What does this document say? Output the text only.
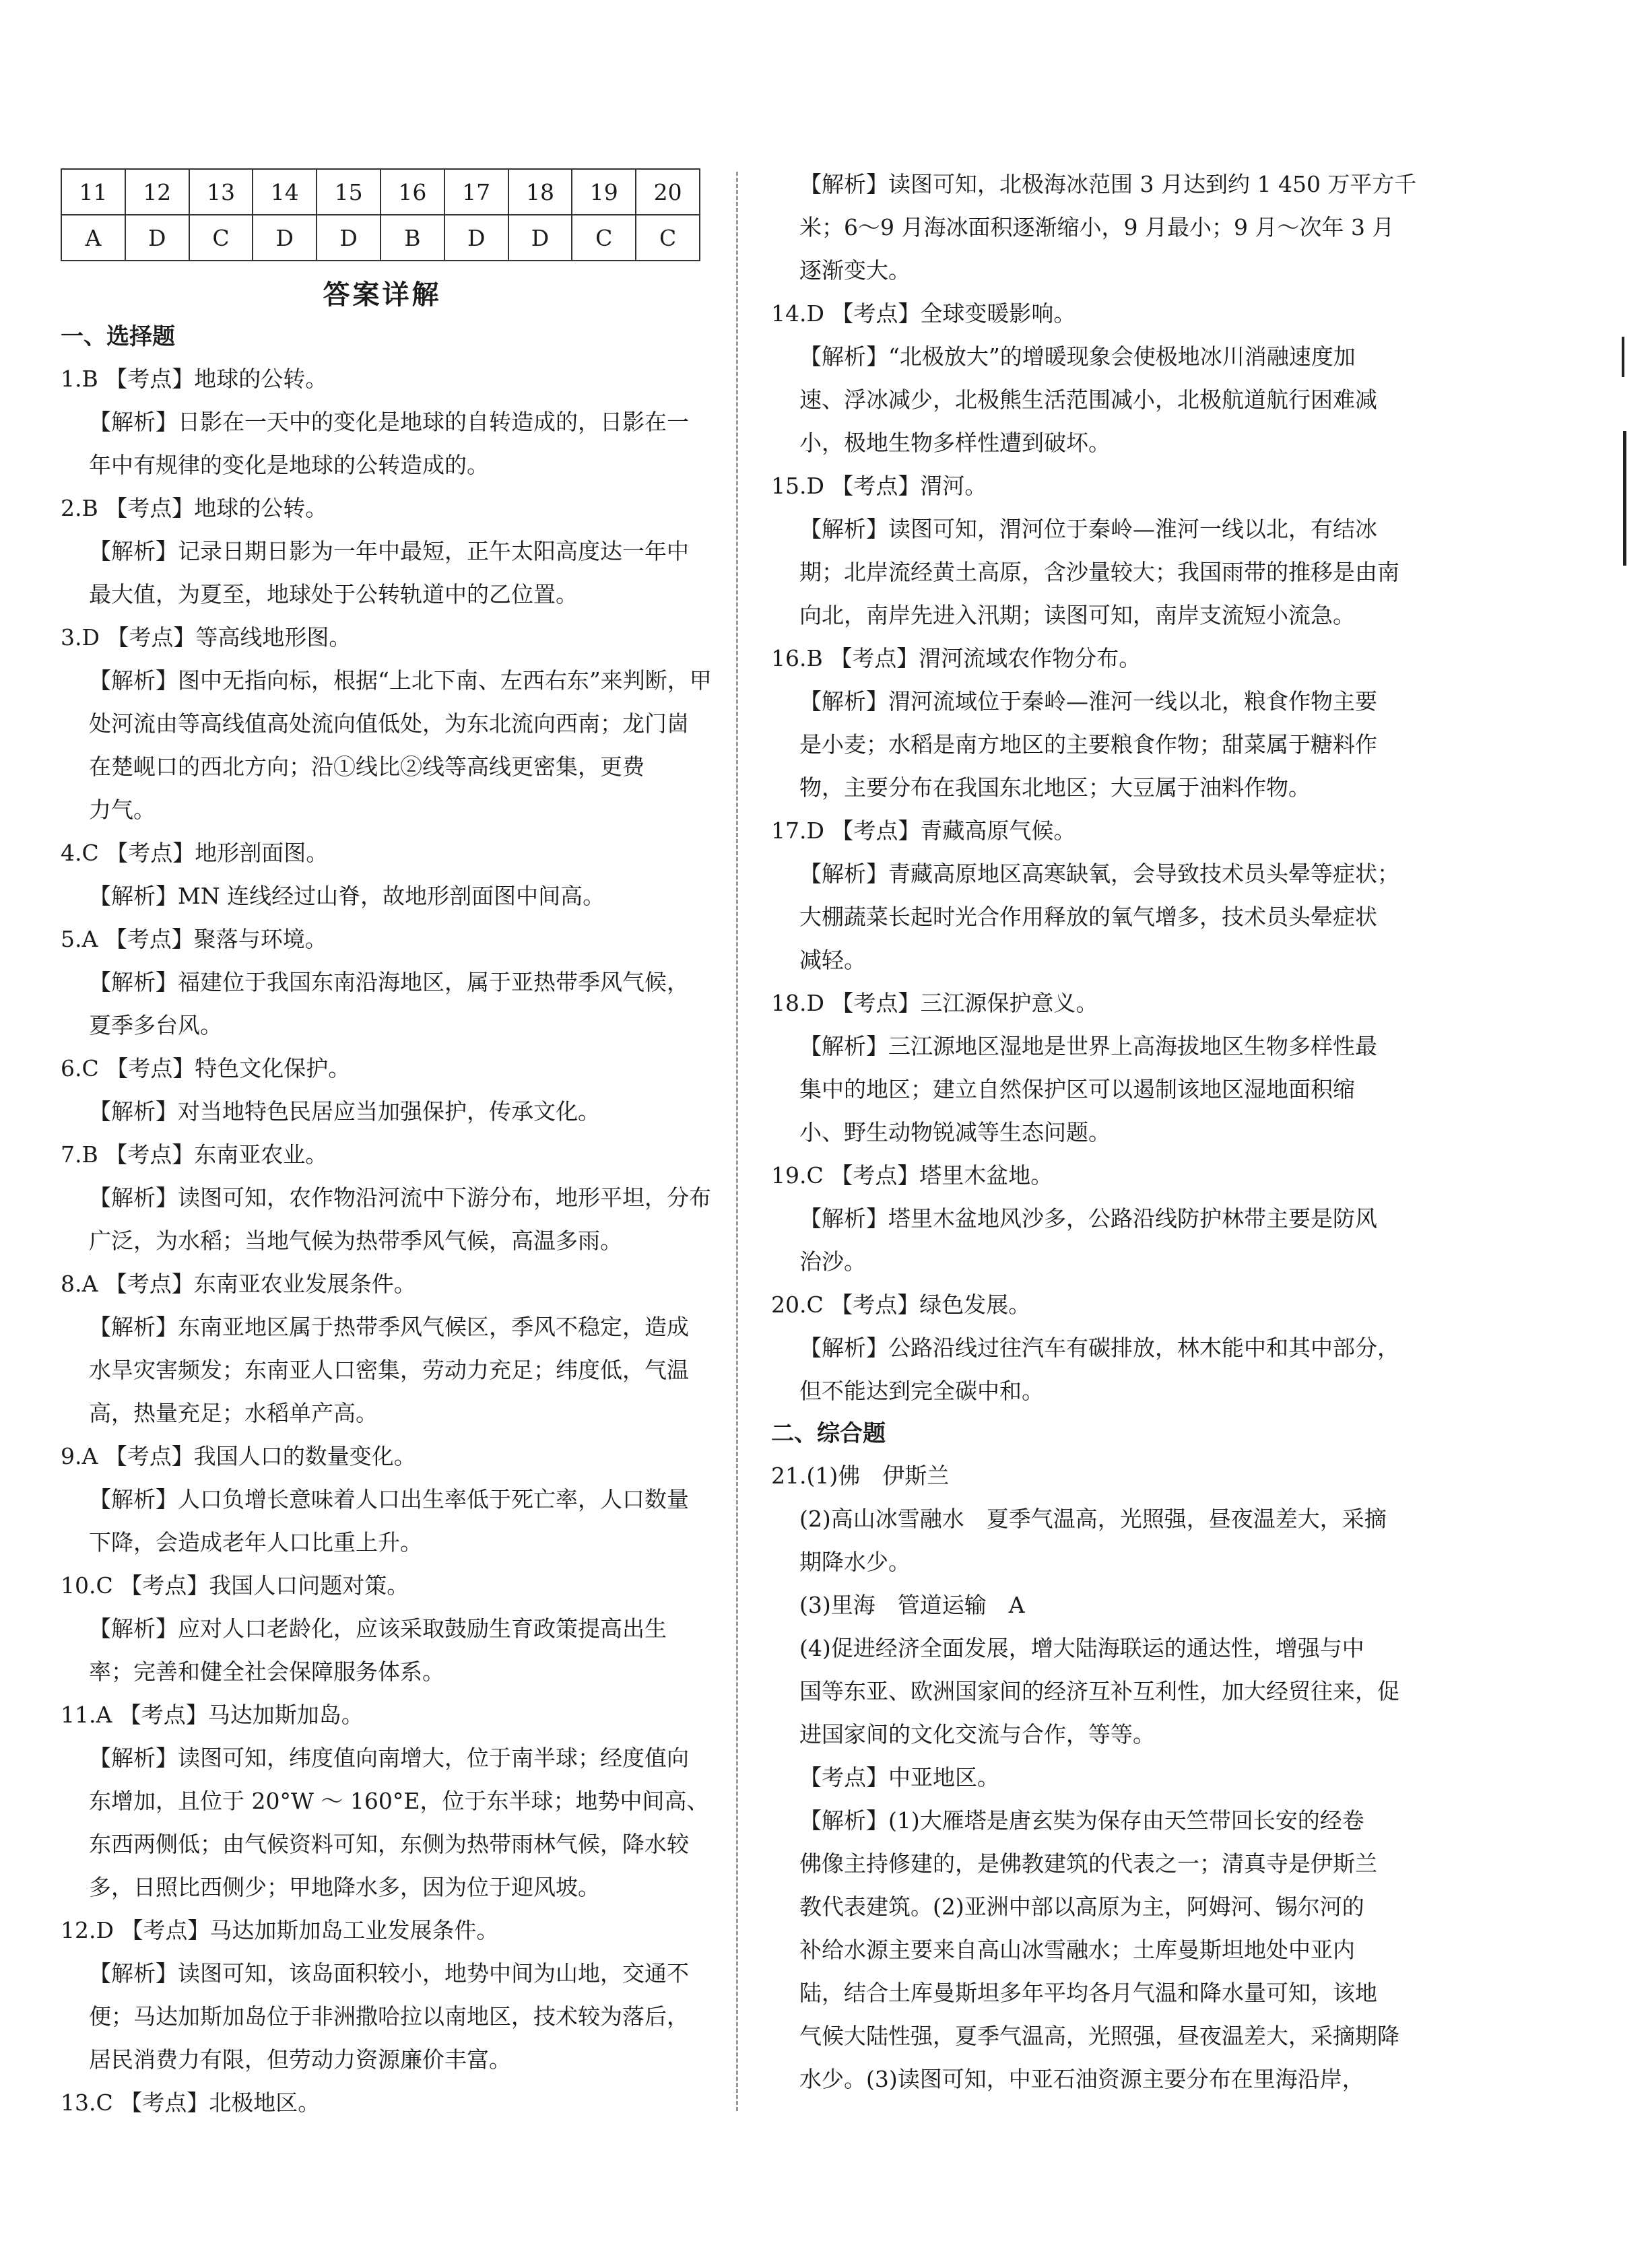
11	12	13	14	15	16	17	18	19	20
A	D	C	D	D	B	D	D	C	C
答案详解
一、选择题
1.B 【考点】地球的公转。
【解析】日影在一天中的变化是地球的自转造成的，日影在一
年中有规律的变化是地球的公转造成的。
2.B 【考点】地球的公转。
【解析】记录日期日影为一年中最短，正午太阳高度达一年中
最大值，为夏至，地球处于公转轨道中的乙位置。
3.D 【考点】等高线地形图。
【解析】图中无指向标，根据“上北下南、左西右东”来判断，甲
处河流由等高线值高处流向值低处，为东北流向西南；龙门崮
在楚岘口的西北方向；沿①线比②线等高线更密集，更费
力气。
4.C 【考点】地形剖面图。
【解析】MN 连线经过山脊，故地形剖面图中间高。
5.A 【考点】聚落与环境。
【解析】福建位于我国东南沿海地区，属于亚热带季风气候，
夏季多台风。
6.C 【考点】特色文化保护。
【解析】对当地特色民居应当加强保护，传承文化。
7.B 【考点】东南亚农业。
【解析】读图可知，农作物沿河流中下游分布，地形平坦，分布
广泛，为水稻；当地气候为热带季风气候，高温多雨。
8.A 【考点】东南亚农业发展条件。
【解析】东南亚地区属于热带季风气候区，季风不稳定，造成
水旱灾害频发；东南亚人口密集，劳动力充足；纬度低，气温
高，热量充足；水稻单产高。
9.A 【考点】我国人口的数量变化。
【解析】人口负增长意味着人口出生率低于死亡率，人口数量
下降，会造成老年人口比重上升。
10.C 【考点】我国人口问题对策。
【解析】应对人口老龄化，应该采取鼓励生育政策提高出生
率；完善和健全社会保障服务体系。
11.A 【考点】马达加斯加岛。
【解析】读图可知，纬度值向南增大，位于南半球；经度值向
东增加，且位于 20°W ～ 160°E，位于东半球；地势中间高、
东西两侧低；由气候资料可知，东侧为热带雨林气候，降水较
多，日照比西侧少；甲地降水多，因为位于迎风坡。
12.D 【考点】马达加斯加岛工业发展条件。
【解析】读图可知，该岛面积较小，地势中间为山地，交通不
便；马达加斯加岛位于非洲撒哈拉以南地区，技术较为落后，
居民消费力有限，但劳动力资源廉价丰富。
13.C 【考点】北极地区。
【解析】读图可知，北极海冰范围 3 月达到约 1 450 万平方千
米；6～9 月海冰面积逐渐缩小，9 月最小；9 月～次年 3 月
逐渐变大。
14.D 【考点】全球变暖影响。
【解析】“北极放大”的增暖现象会使极地冰川消融速度加
速、浮冰减少，北极熊生活范围减小，北极航道航行困难减
小，极地生物多样性遭到破坏。
15.D 【考点】渭河。
【解析】读图可知，渭河位于秦岭—淮河一线以北，有结冰
期；北岸流经黄土高原，含沙量较大；我国雨带的推移是由南
向北，南岸先进入汛期；读图可知，南岸支流短小流急。
16.B 【考点】渭河流域农作物分布。
【解析】渭河流域位于秦岭—淮河一线以北，粮食作物主要
是小麦；水稻是南方地区的主要粮食作物；甜菜属于糖料作
物，主要分布在我国东北地区；大豆属于油料作物。
17.D 【考点】青藏高原气候。
【解析】青藏高原地区高寒缺氧，会导致技术员头晕等症状；
大棚蔬菜长起时光合作用释放的氧气增多，技术员头晕症状
减轻。
18.D 【考点】三江源保护意义。
【解析】三江源地区湿地是世界上高海拔地区生物多样性最
集中的地区；建立自然保护区可以遏制该地区湿地面积缩
小、野生动物锐减等生态问题。
19.C 【考点】塔里木盆地。
【解析】塔里木盆地风沙多，公路沿线防护林带主要是防风
治沙。
20.C 【考点】绿色发展。
【解析】公路沿线过往汽车有碳排放，林木能中和其中部分，
但不能达到完全碳中和。
二、综合题
21.(1)佛　伊斯兰
(2)高山冰雪融水　夏季气温高，光照强，昼夜温差大，采摘
期降水少。
(3)里海　管道运输　A
(4)促进经济全面发展，增大陆海联运的通达性，增强与中
国等东亚、欧洲国家间的经济互补互利性，加大经贸往来，促
进国家间的文化交流与合作，等等。
【考点】中亚地区。
【解析】(1)大雁塔是唐玄奘为保存由天竺带回长安的经卷
佛像主持修建的，是佛教建筑的代表之一；清真寺是伊斯兰
教代表建筑。(2)亚洲中部以高原为主，阿姆河、锡尔河的
补给水源主要来自高山冰雪融水；土库曼斯坦地处中亚内
陆，结合土库曼斯坦多年平均各月气温和降水量可知，该地
气候大陆性强，夏季气温高，光照强，昼夜温差大，采摘期降
水少。(3)读图可知，中亚石油资源主要分布在里海沿岸，
